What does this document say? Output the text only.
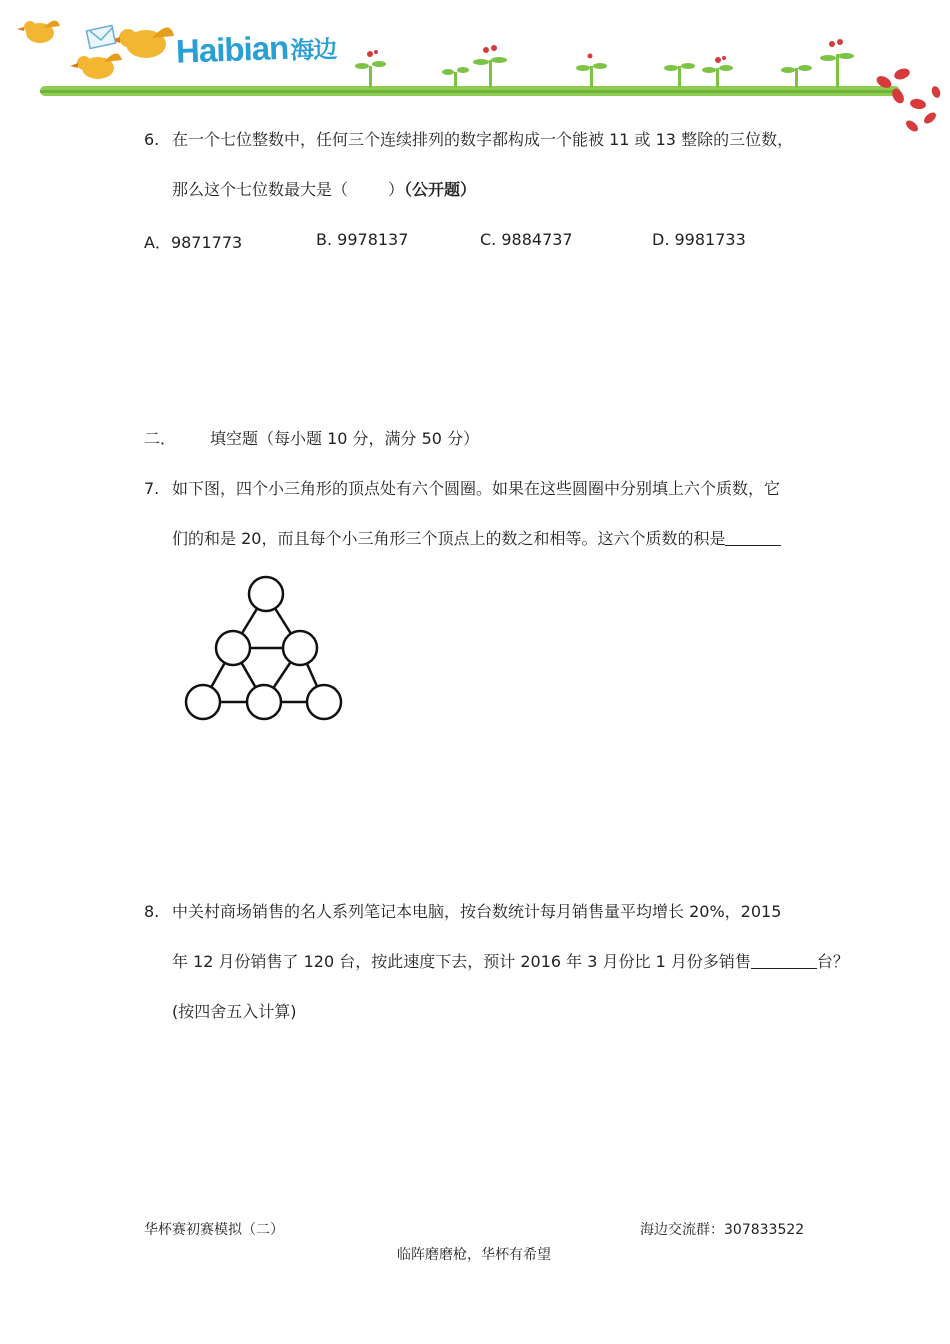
Haibian海边
6. 在一个七位整数中，任何三个连续排列的数字都构成一个能被 11 或 13 整除的三位数，
那么这个七位数最大是（	）（公开题）
A．9871773	B. 9978137	C. 9884737	D. 9981733
二． 填空题（每小题 10 分，满分 50 分）
7. 如下图，四个小三角形的顶点处有六个圆圈。如果在这些圆圈中分别填上六个质数，它
们的和是 20，而且每个小三角形三个顶点上的数之和相等。这六个质数的积是
8. 中关村商场销售的名人系列笔记本电脑，按台数统计每月销售量平均增长 20%，2015
年 12 月份销售了 120 台，按此速度下去，预计 2016 年 3 月份比 1 月份多销售	台？
(按四舍五入计算)
华杯赛初赛模拟（二）	海边交流群：307833522
临阵磨磨枪，华杯有希望
